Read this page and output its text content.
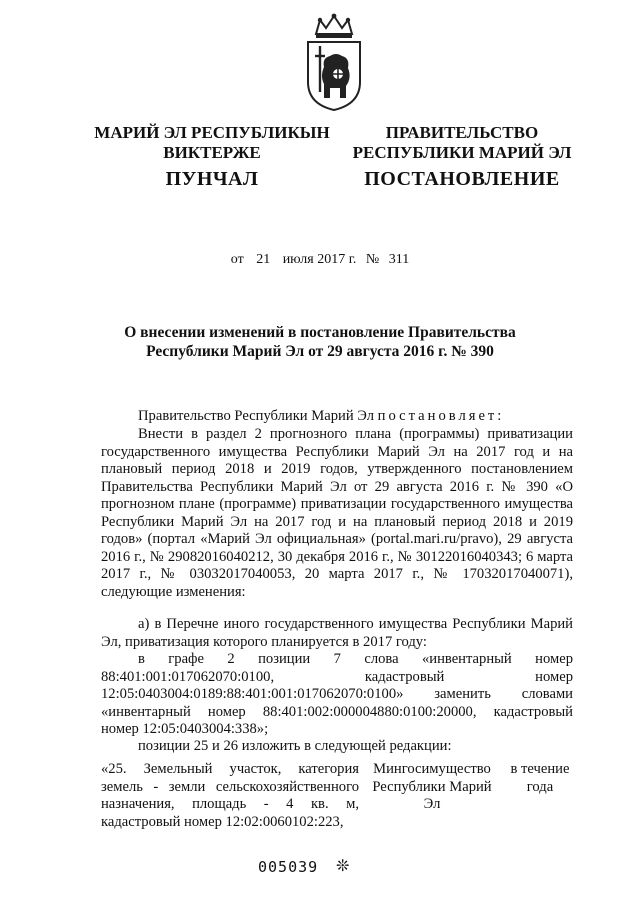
МАРИЙ ЭЛ РЕСПУБЛИКЫН
ВИКТЕРЖЕ
ПУНЧАЛ
ПРАВИТЕЛЬСТВО
РЕСПУБЛИКИ МАРИЙ ЭЛ
ПОСТАНОВЛЕНИЕ
от 21 июля 2017 г. № 311
О внесении изменений в постановление Правительства
Республики Марий Эл от 29 августа 2016 г. № 390
Правительство Республики Марий Эл постановляет:
Внести в раздел 2 прогнозного плана (программы) приватизации государственного имущества Республики Марий Эл на 2017 год и на плановый период 2018 и 2019 годов, утвержденного постановлением Правительства Республики Марий Эл от 29 августа 2016 г. № 390 «О прогнозном плане (программе) приватизации государственного имущества Республики Марий Эл на 2017 год и на плановый период 2018 и 2019 годов» (портал «Марий Эл официальная» (portal.mari.ru/pravo), 29 августа 2016 г., № 29082016040212, 30 декабря 2016 г., № 30122016040343; 6 марта 2017 г., № 03032017040053, 20 марта 2017 г., № 17032017040071), следующие изменения:
а) в Перечне иного государственного имущества Республики Марий Эл, приватизация которого планируется в 2017 году:
в графе 2 позиции 7 слова «инвентарный номер 88:401:001:017062070:0100, кадастровый номер 12:05:0403004:0189:88:401:001:017062070:0100» заменить словами «инвентарный номер 88:401:002:000004880:0100:20000, кадастровый номер 12:05:0403004:338»;
позиции 25 и 26 изложить в следующей редакции:
«25. Земельный участок, категория земель - земли сельскохозяйственного назначения, площадь - 4 кв. м, кадастровый номер 12:02:0060102:223,
Мингосимущество Республики Марий Эл
в течение года
005039 ❊
